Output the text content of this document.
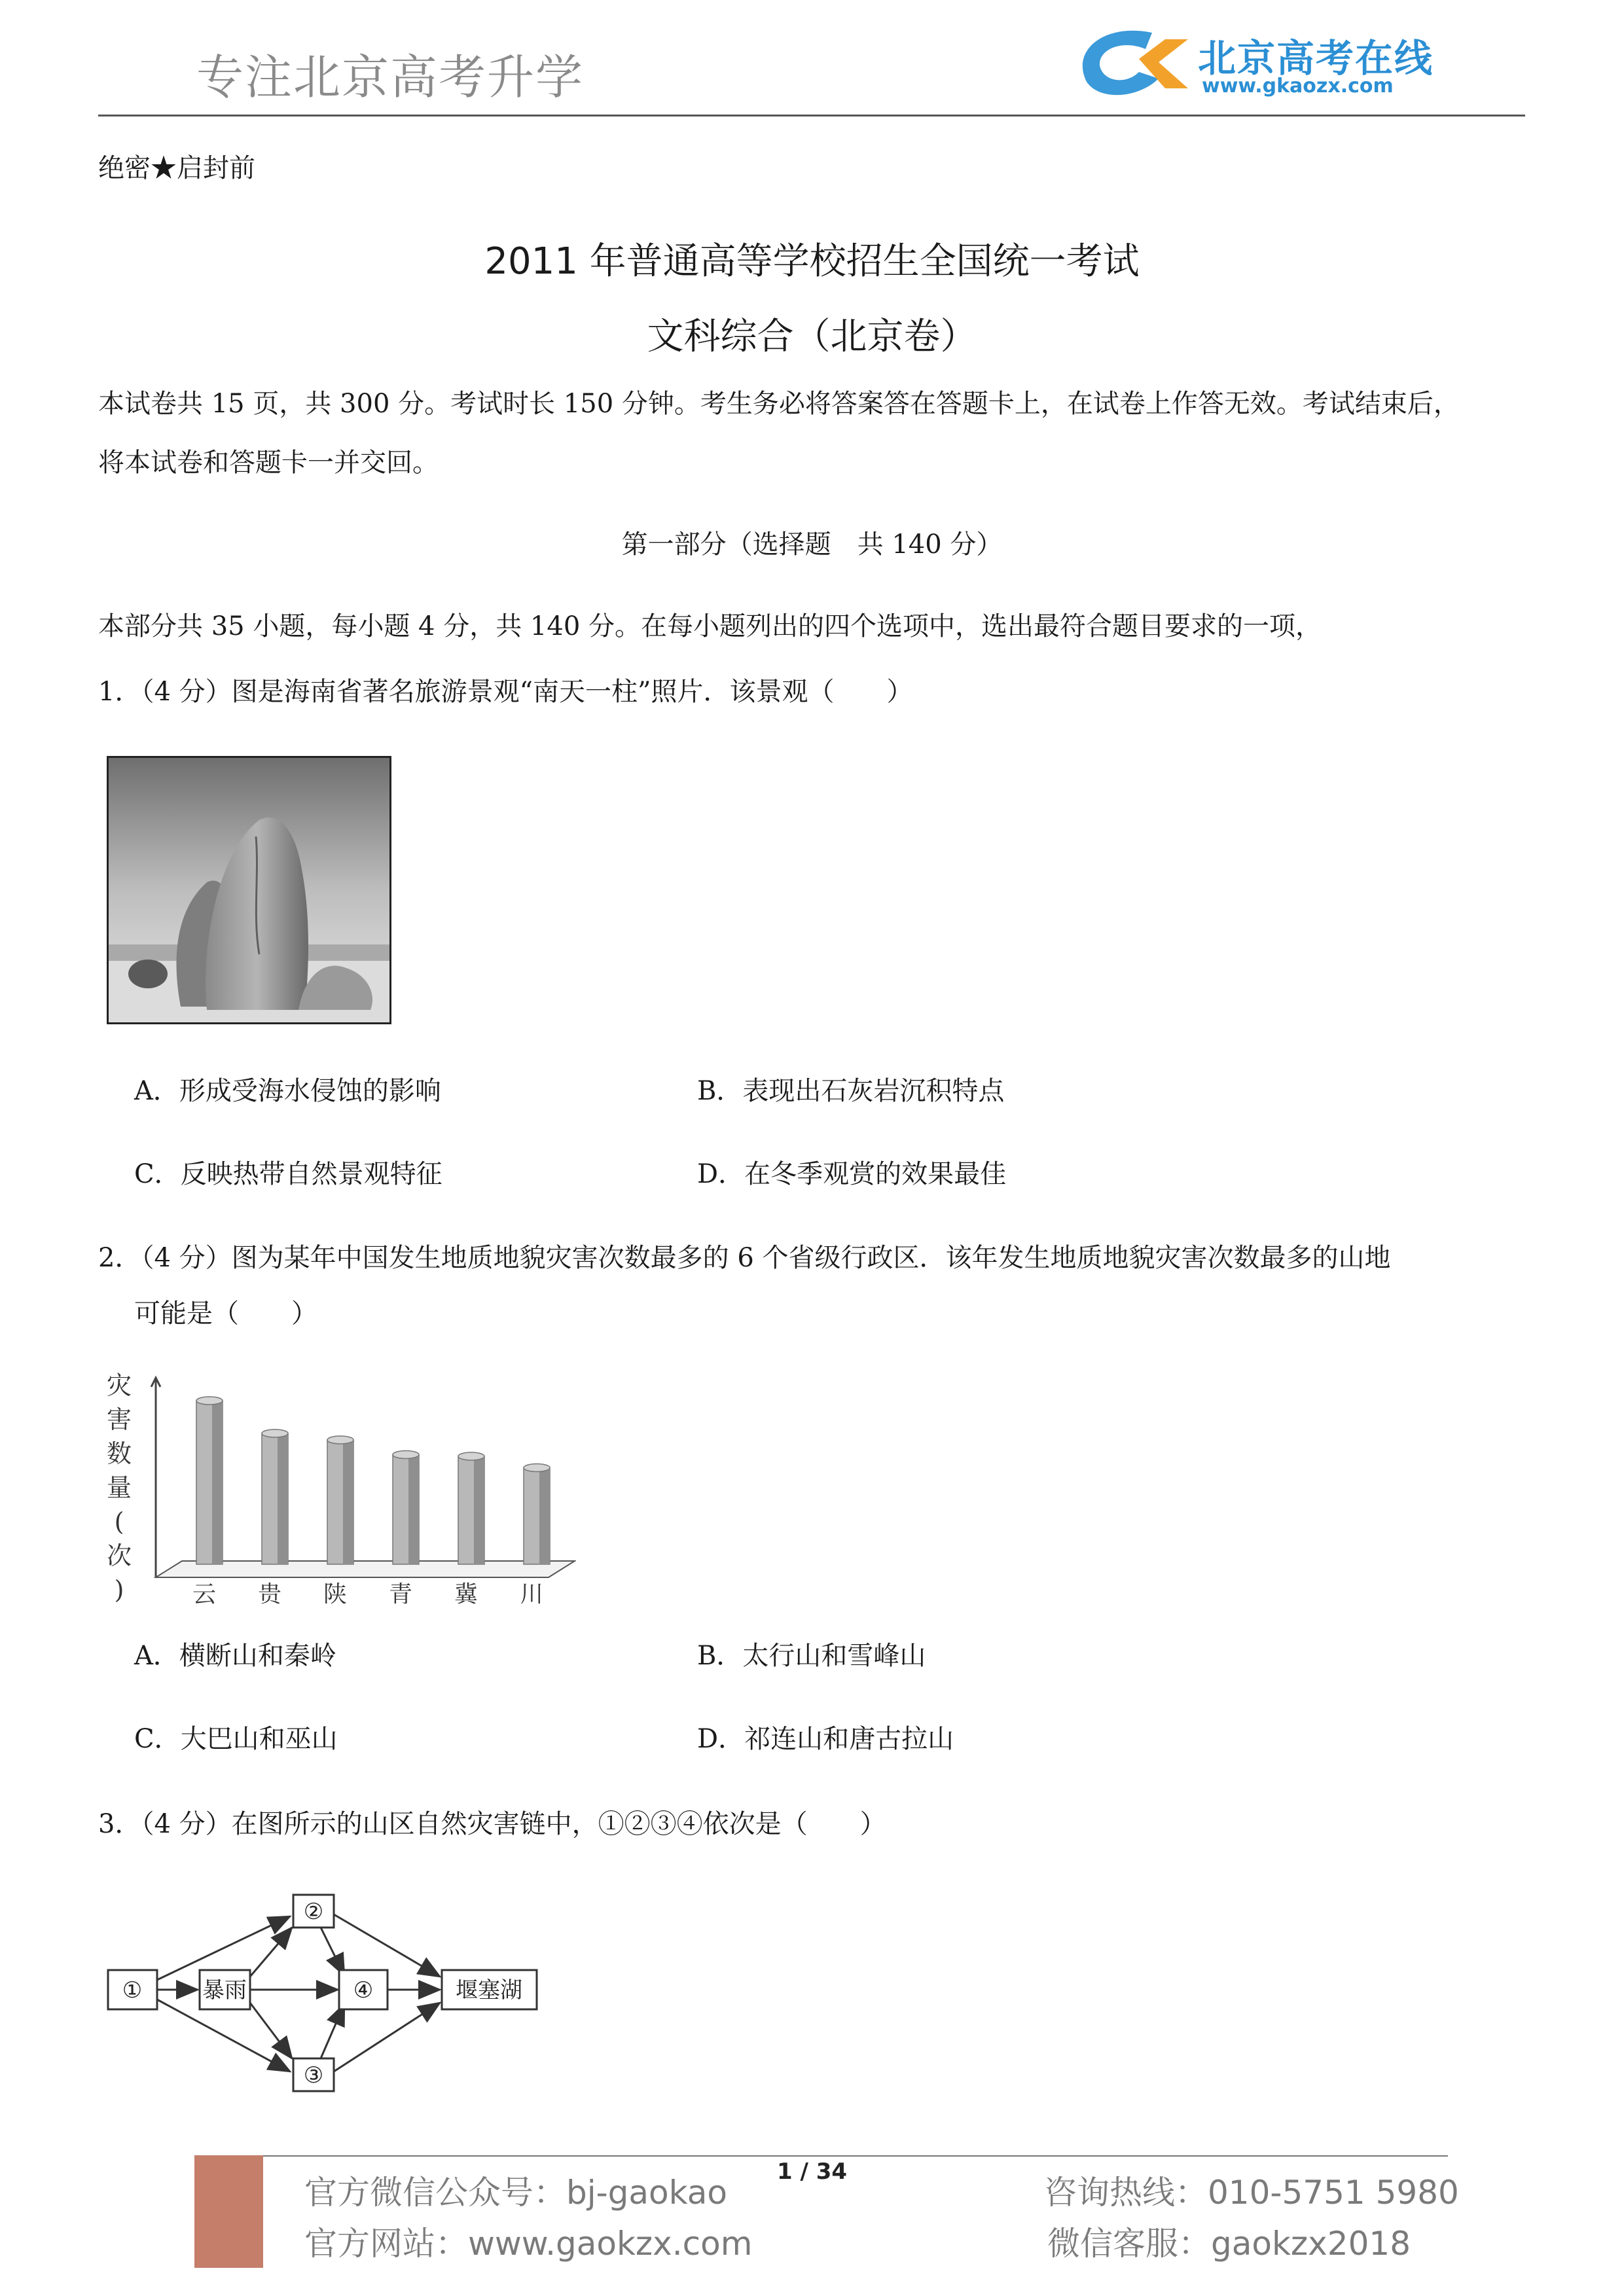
专注北京高考升学	北京高考在线
www.gkaozx.com
绝密★启封前
2011 年普通高等学校招生全国统一考试
文科综合（北京卷）
本试卷共 15 页，共 300 分。考试时长 150 分钟。考生务必将答案答在答题卡上，在试卷上作答无效。考试结束后，
将本试卷和答题卡一并交回。
第一部分（选择题　共 140 分）
本部分共 35 小题，每小题 4 分，共 140 分。在每小题列出的四个选项中，选出最符合题目要求的一项，
1．（4 分）图是海南省著名旅游景观“南天一柱”照片．该景观（　　）
A．形成受海水侵蚀的影响	B．表现出石灰岩沉积特点
C．反映热带自然景观特征	D．在冬季观赏的效果最佳
2．（4 分）图为某年中国发生地质地貌灾害次数最多的 6 个省级行政区．该年发生地质地貌灾害次数最多的山地
可能是（　　）
灾
害
数
量
(
次
)	云 贵 陕 青 冀 川
A．横断山和秦岭	B．太行山和雪峰山
C．大巴山和巫山	D．祁连山和唐古拉山
3．（4 分）在图所示的山区自然灾害链中，①②③④依次是（　　）
①	暴雨	④	堰塞湖
②
③
1 / 34
官方微信公众号：bj-gaokao
官方网站：www.gaokzx.com
咨询热线：010-5751 5980
微信客服：gaokzx2018
